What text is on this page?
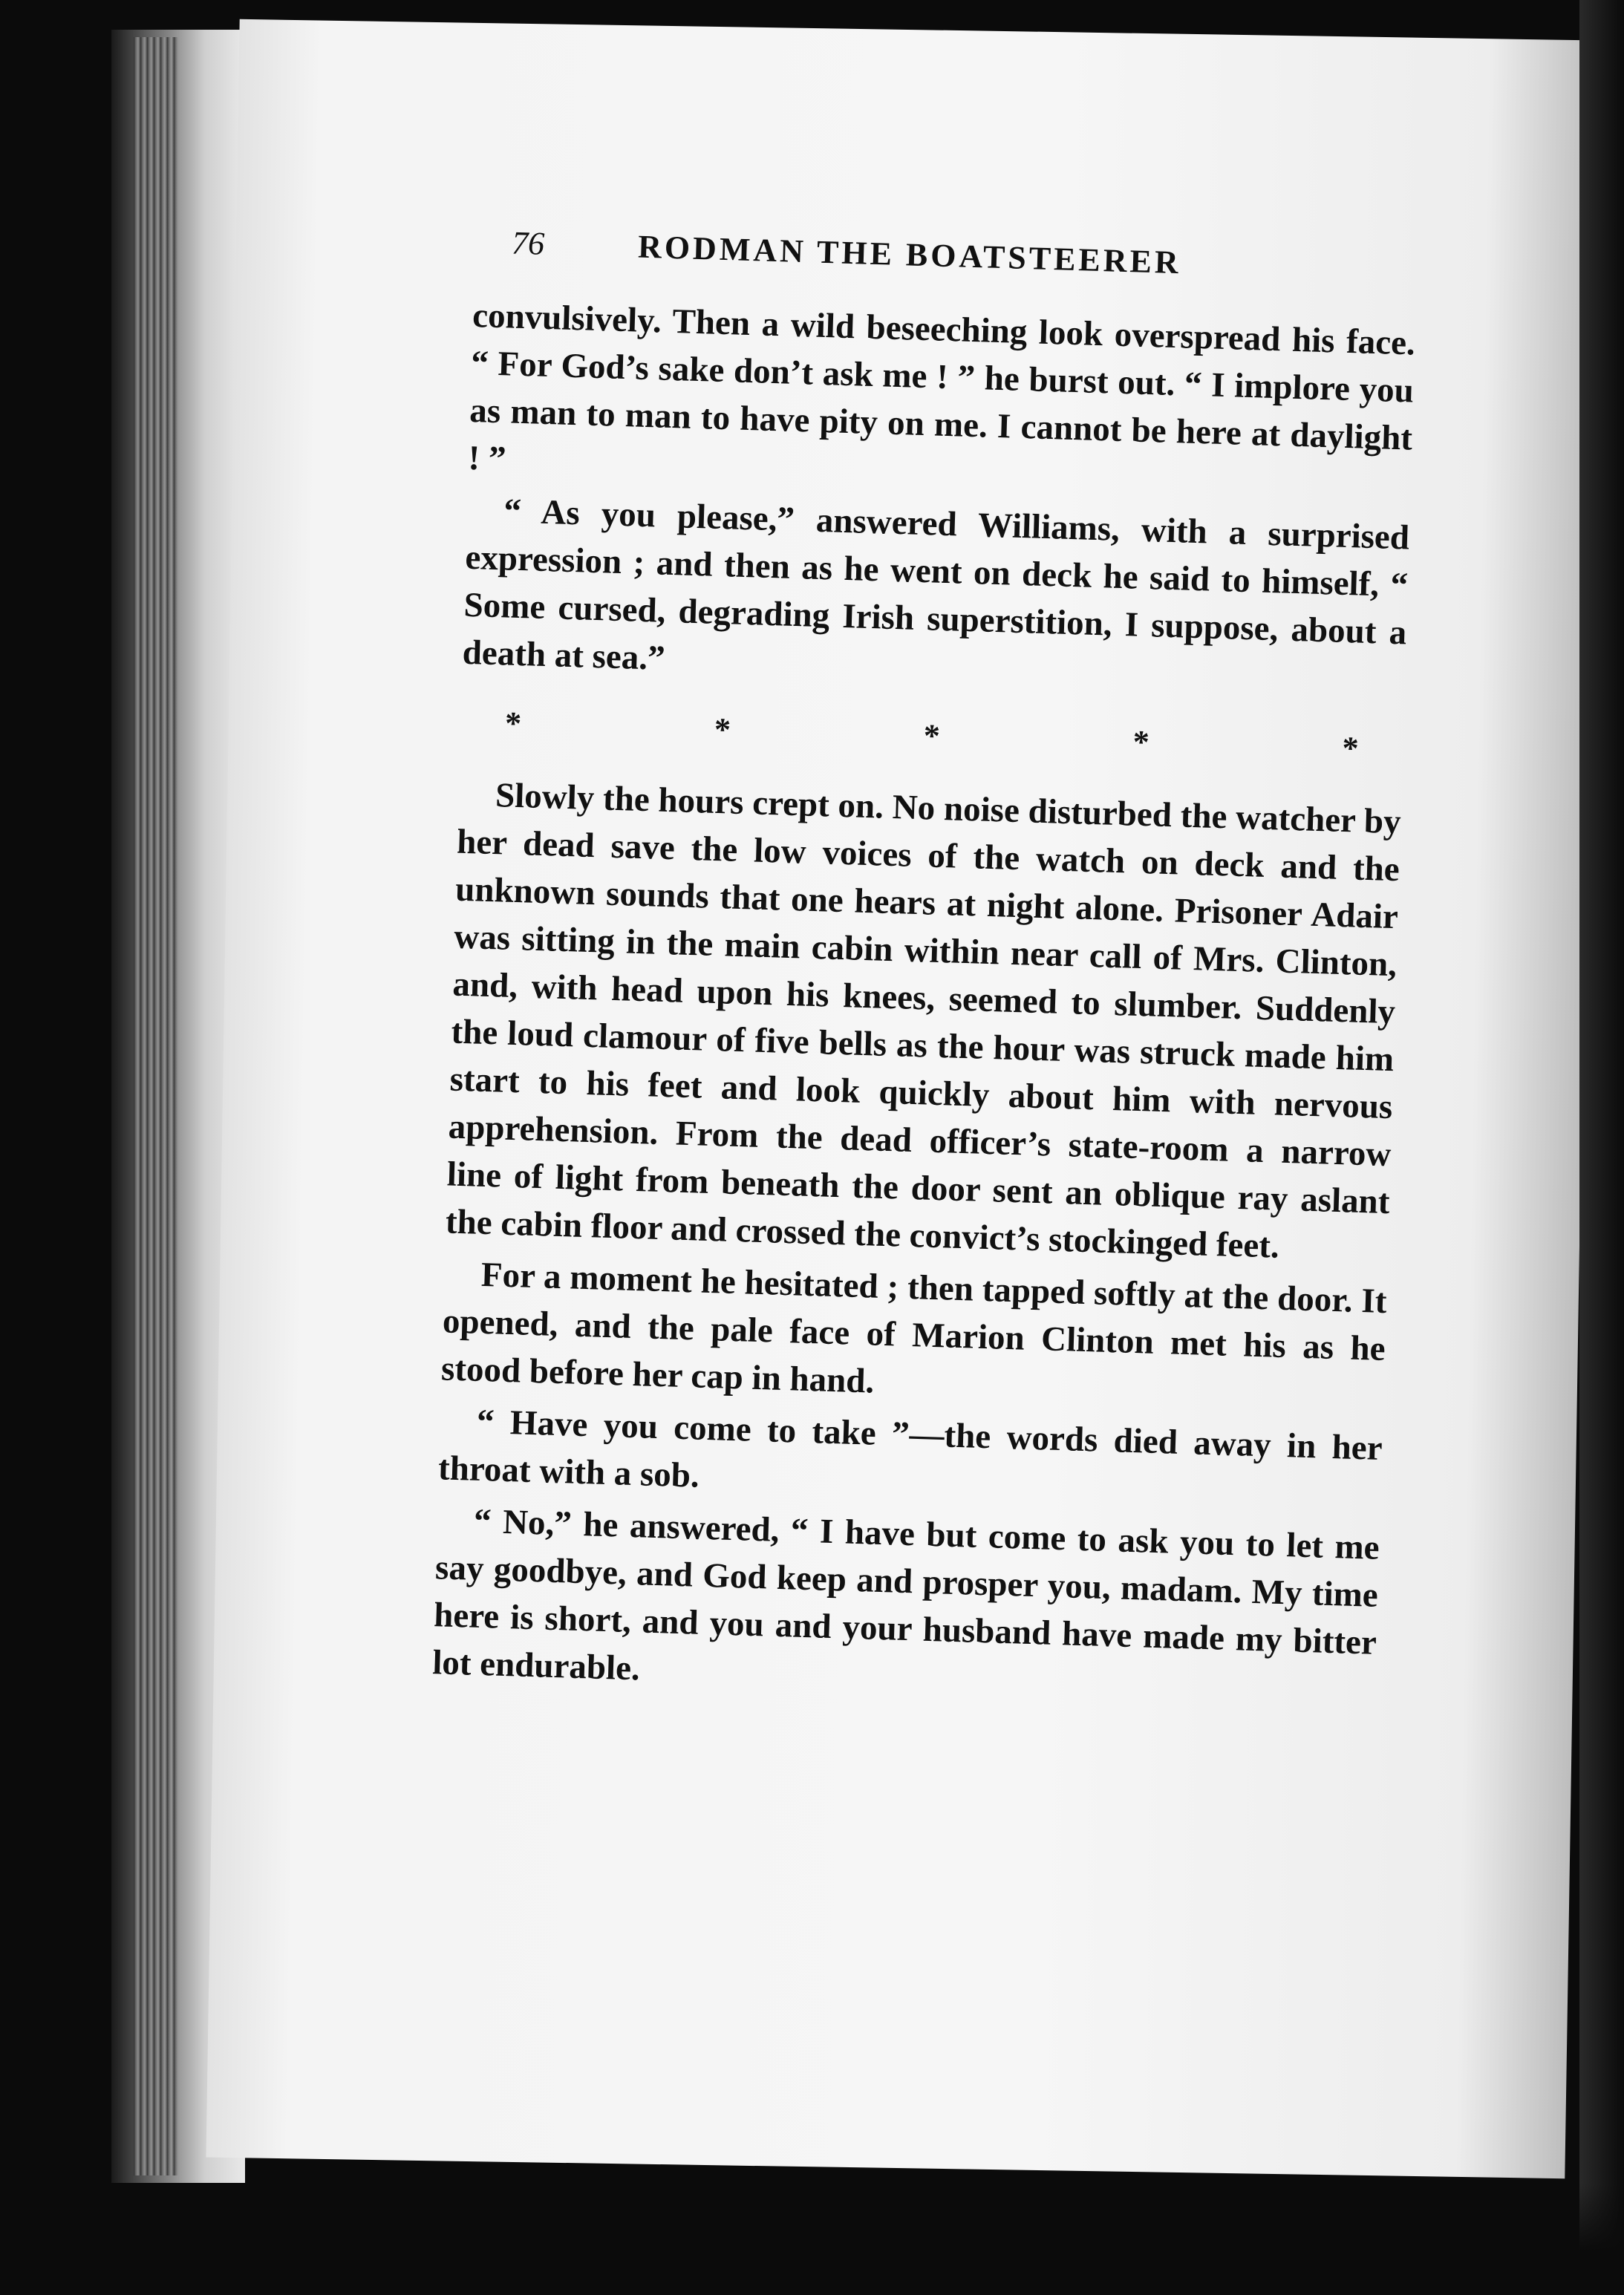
76	RODMAN THE BOATSTEERER

convulsively. Then a wild beseeching look overspread his face. “ For God’s sake don’t ask me ! ” he burst out. “ I implore you as man to man to have pity on me. I cannot be here at daylight ! ”

“ As you please,” answered Williams, with a surprised expression ; and then as he went on deck he said to himself, “ Some cursed, degrading Irish superstition, I suppose, about a death at sea.”

*	*	*	*	*

Slowly the hours crept on. No noise disturbed the watcher by her dead save the low voices of the watch on deck and the unknown sounds that one hears at night alone. Prisoner Adair was sitting in the main cabin within near call of Mrs. Clinton, and, with head upon his knees, seemed to slumber. Suddenly the loud clamour of five bells as the hour was struck made him start to his feet and look quickly about him with nervous apprehension. From the dead officer’s state-room a narrow line of light from beneath the door sent an oblique ray aslant the cabin floor and crossed the convict’s stockinged feet.

For a moment he hesitated ; then tapped softly at the door. It opened, and the pale face of Marion Clinton met his as he stood before her cap in hand.

“ Have you come to take ”—the words died away in her throat with a sob.

“ No,” he answered, “ I have but come to ask you to let me say goodbye, and God keep and prosper you, madam. My time here is short, and you and your husband have made my bitter lot endurable.
